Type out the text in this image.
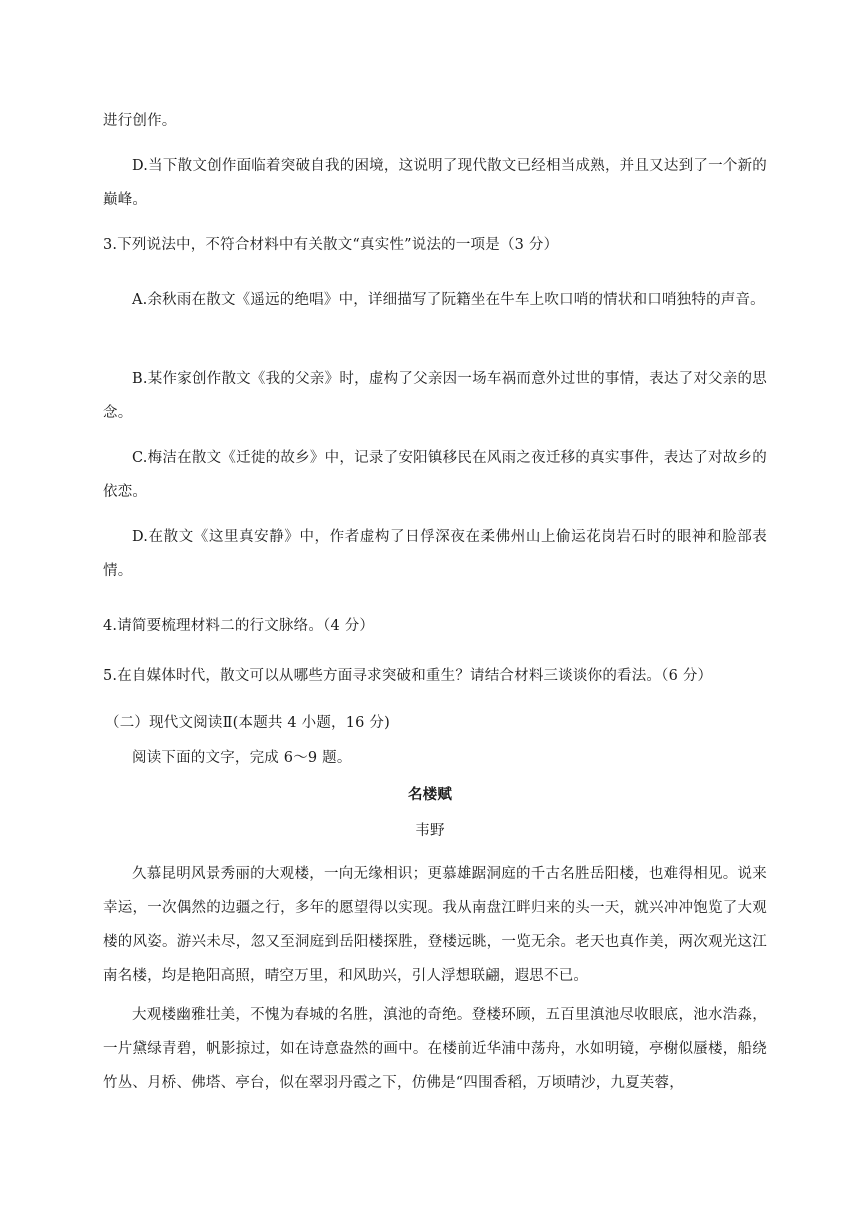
进行创作。

D.当下散文创作面临着突破自我的困境，这说明了现代散文已经相当成熟，并且又达到了一个新的巅峰。

3.下列说法中，不符合材料中有关散文“真实性”说法的一项是（3 分）

A.余秋雨在散文《遥远的绝唱》中，详细描写了阮籍坐在牛车上吹口哨的情状和口哨独特的声音。

B.某作家创作散文《我的父亲》时，虚构了父亲因一场车祸而意外过世的事情，表达了对父亲的思念。

C.梅洁在散文《迁徙的故乡》中，记录了安阳镇移民在风雨之夜迁移的真实事件，表达了对故乡的依恋。

D.在散文《这里真安静》中，作者虚构了日俘深夜在柔佛州山上偷运花岗岩石时的眼神和脸部表情。

4.请简要梳理材料二的行文脉络。（4 分）

5.在自媒体时代，散文可以从哪些方面寻求突破和重生？请结合材料三谈谈你的看法。（6 分）

（二）现代文阅读Ⅱ(本题共 4 小题，16 分)

阅读下面的文字，完成 6～9 题。

名楼赋

韦野

久慕昆明风景秀丽的大观楼，一向无缘相识；更慕雄踞洞庭的千古名胜岳阳楼，也难得相见。说来幸运，一次偶然的边疆之行，多年的愿望得以实现。我从南盘江畔归来的头一天，就兴冲冲饱览了大观楼的风姿。游兴未尽，忽又至洞庭到岳阳楼探胜，登楼远眺，一览无余。老天也真作美，两次观光这江南名楼，均是艳阳高照，晴空万里，和风助兴，引人浮想联翩，遐思不已。

大观楼幽雅壮美，不愧为春城的名胜，滇池的奇绝。登楼环顾，五百里滇池尽收眼底，池水浩淼，一片黛绿青碧，帆影掠过，如在诗意盎然的画中。在楼前近华浦中荡舟，水如明镜，亭榭似蜃楼，船绕竹丛、月桥、佛塔、亭台，似在翠羽丹霞之下，仿佛是“四围香稻，万顷晴沙，九夏芙蓉，
